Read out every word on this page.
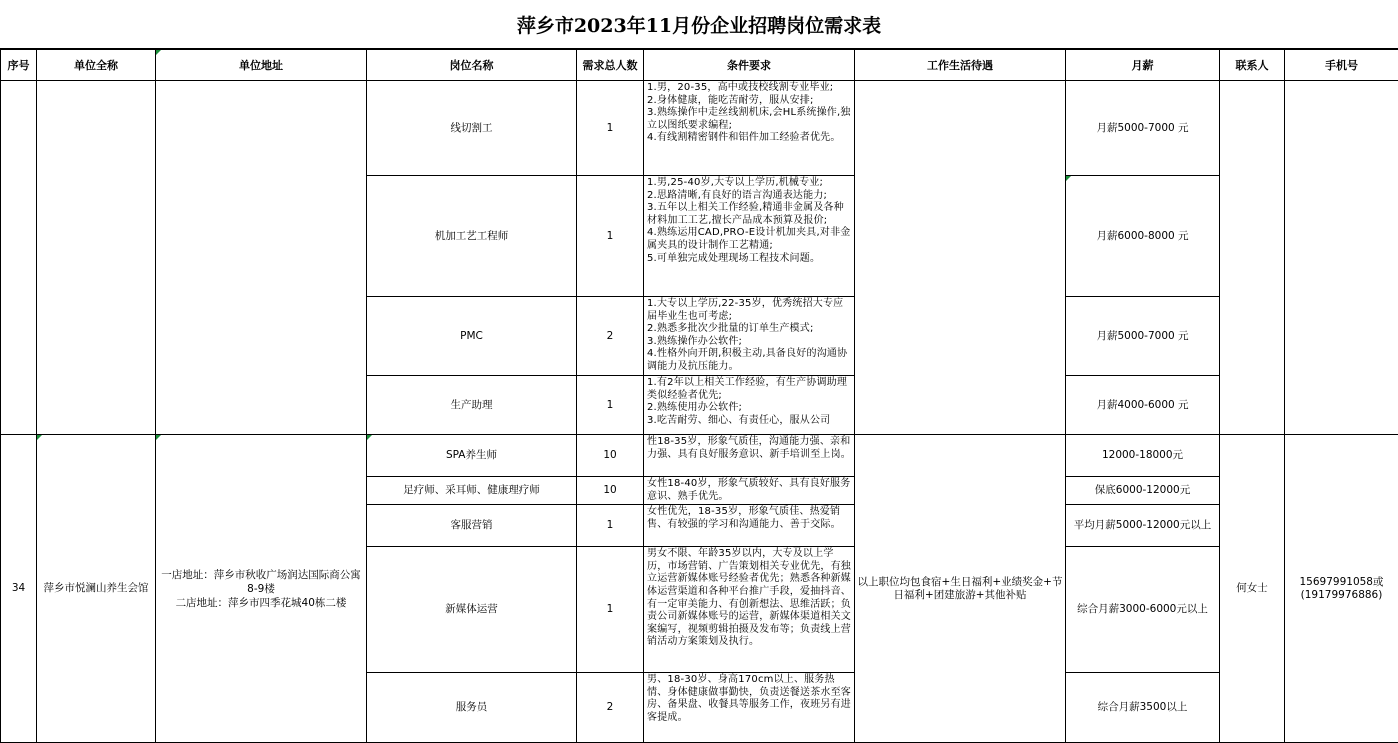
萍乡市2023年11月份企业招聘岗位需求表
序号	单位全称	单位地址	岗位名称	需求总人数	条件要求	工作生活待遇	月薪	联系人	手机号
			线切割工	1	1.男，20-35，高中或技校线割专业毕业;
2.身体健康，能吃苦耐劳，服从安排;
3.熟练操作中走丝线割机床,会HL系统操作,独立以图纸要求编程;
4.有线割精密钢件和铝件加工经验者优先。		月薪5000-7000 元		
			机加工艺工程师	1	1.男,25-40岁,大专以上学历,机械专业;
2.思路清晰,有良好的语言沟通表达能力;
3.五年以上相关工作经验,精通非金属及各种材料加工工艺,擅长产品成本预算及报价;
4.熟练运用CAD,PRO-E设计机加夹具,对非金属夹具的设计制作工艺精通;
5.可单独完成处理现场工程技术问题。		月薪6000-8000 元		
			PMC	2	1.大专以上学历,22-35岁，优秀统招大专应届毕业生也可考虑;
2.熟悉多批次少批量的订单生产模式;
3.熟练操作办公软件;
4.性格外向开朗,积极主动,具备良好的沟通协调能力及抗压能力。		月薪5000-7000 元		
			生产助理	1	1.有2年以上相关工作经验，有生产协调助理类似经验者优先;
2.熟练使用办公软件;
3.吃苦耐劳、细心、有责任心，服从公司		月薪4000-6000 元		
34	萍乡市悦澜山养生会馆	一店地址：萍乡市秋收广场润达国际商公寓8-9楼
二店地址：萍乡市四季花城40栋二楼	SPA养生师	10	性18-35岁，形象气质佳，沟通能力强、亲和力强、具有良好服务意识、新手培训至上岗。	以上职位均包食宿+生日福利+业绩奖金+节日福利+团建旅游+其他补贴	12000-18000元	何女士	15697991058或(19179976886)
			足疗师、采耳师、健康理疗师	10	女性18-40岁，形象气质较好、具有良好服务意识、熟手优先。		保底6000-12000元		
			客服营销	1	女性优先，18-35岁，形象气质佳、热爱销售、有较强的学习和沟通能力、善于交际。		平均月薪5000-12000元以上		
			新媒体运营	1	男女不限、年龄35岁以内，大专及以上学历，市场营销、广告策划相关专业优先，有独立运营新媒体账号经验者优先；熟悉各种新媒体运营渠道和各种平台推广手段，爱抽抖音、有一定审美能力、有创新想法、思维活跃；负责公司新媒体账号的运营，新媒体渠道相关文案编写，视频剪辑拍摄及发布等；负责线上营销活动方案策划及执行。		综合月薪3000-6000元以上		
			服务员	2	男、18-30岁、身高170cm以上、服务热情、身体健康做事勤快，负责送餐送茶水至客房、备果盘、收餐具等服务工作，夜班另有进客提成。		综合月薪3500以上		
